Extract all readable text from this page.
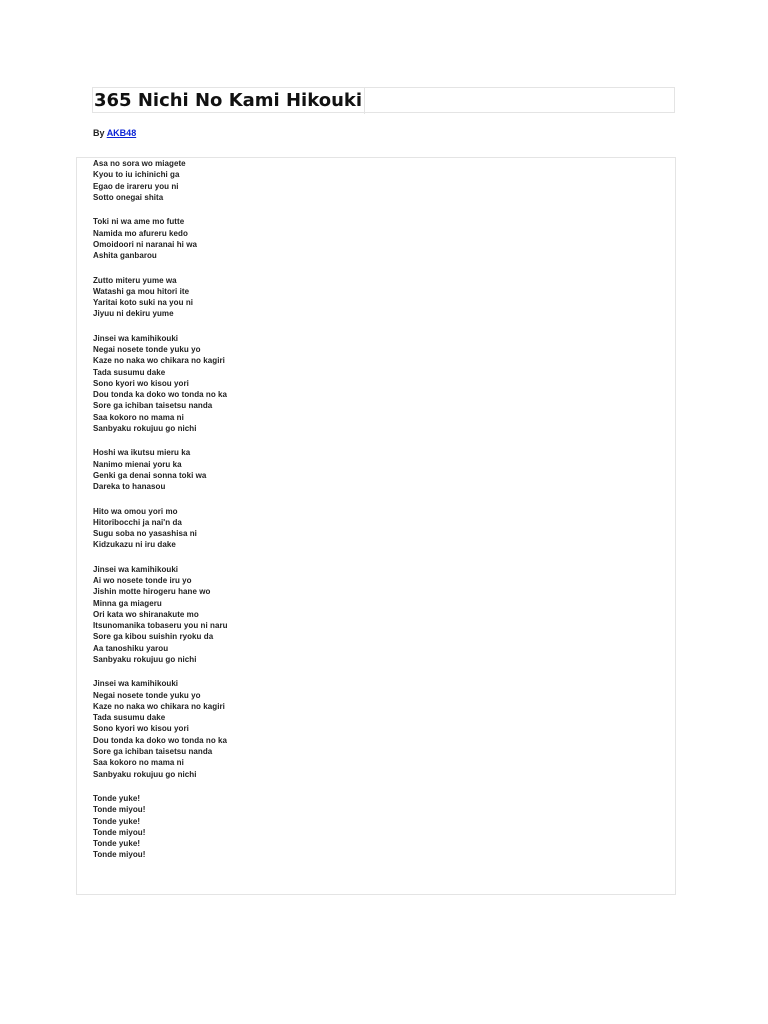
365 Nichi No Kami Hikouki
By AKB48
Asa no sora wo miagete
Kyou to iu ichinichi ga
Egao de irareru you ni
Sotto onegai shita
Toki ni wa ame mo futte
Namida mo afureru kedo
Omoidoori ni naranai hi wa
Ashita ganbarou
Zutto miteru yume wa
Watashi ga mou hitori ite
Yaritai koto suki na you ni
Jiyuu ni dekiru yume
Jinsei wa kamihikouki
Negai nosete tonde yuku yo
Kaze no naka wo chikara no kagiri
Tada susumu dake
Sono kyori wo kisou yori
Dou tonda ka doko wo tonda no ka
Sore ga ichiban taisetsu nanda
Saa kokoro no mama ni
Sanbyaku rokujuu go nichi
Hoshi wa ikutsu mieru ka
Nanimo mienai yoru ka
Genki ga denai sonna toki wa
Dareka to hanasou
Hito wa omou yori mo
Hitoribocchi ja nai'n da
Sugu soba no yasashisa ni
Kidzukazu ni iru dake
Jinsei wa kamihikouki
Ai wo nosete tonde iru yo
Jishin motte hirogeru hane wo
Minna ga miageru
Ori kata wo shiranakute mo
Itsunomanika tobaseru you ni naru
Sore ga kibou suishin ryoku da
Aa tanoshiku yarou
Sanbyaku rokujuu go nichi
Jinsei wa kamihikouki
Negai nosete tonde yuku yo
Kaze no naka wo chikara no kagiri
Tada susumu dake
Sono kyori wo kisou yori
Dou tonda ka doko wo tonda no ka
Sore ga ichiban taisetsu nanda
Saa kokoro no mama ni
Sanbyaku rokujuu go nichi
Tonde yuke!
Tonde miyou!
Tonde yuke!
Tonde miyou!
Tonde yuke!
Tonde miyou!
